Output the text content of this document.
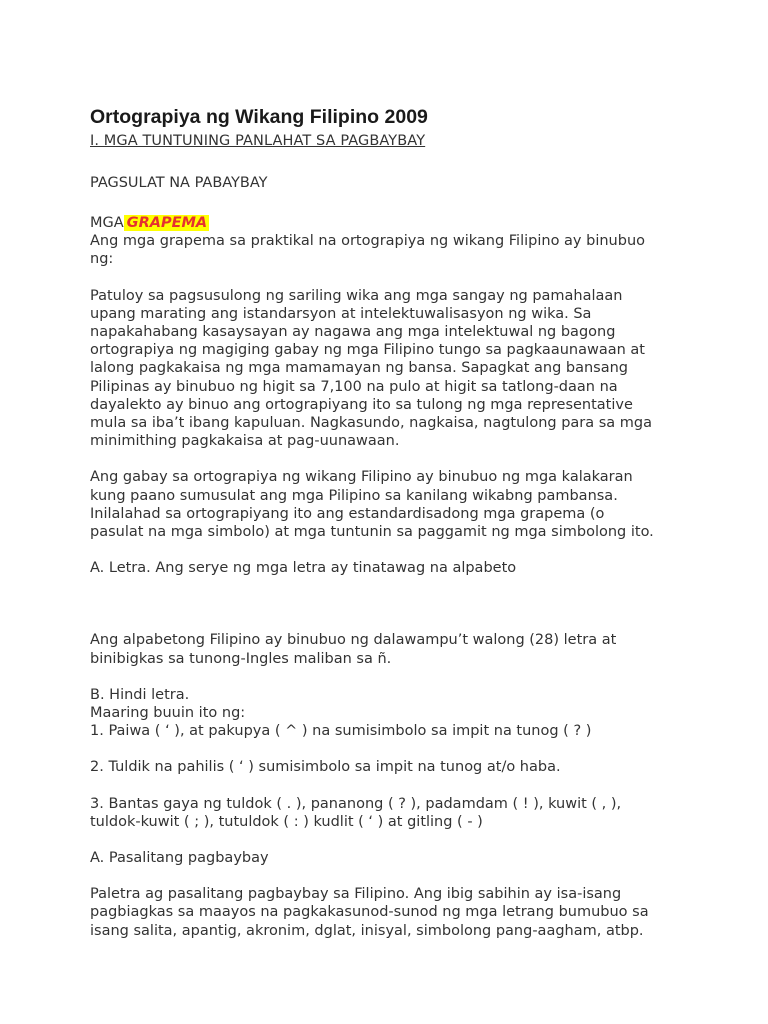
Ortograpiya ng Wikang Filipino 2009
I. MGA TUNTUNING PANLAHAT SA PAGBAYBAY
PAGSULAT NA PABAYBAY
MGA GRAPEMA
Ang mga grapema sa praktikal na ortograpiya ng wikang Filipino ay binubuo
ng:
Patuloy sa pagsusulong ng sariling wika ang mga sangay ng pamahalaan
upang marating ang istandarsyon at intelektuwalisasyon ng wika. Sa
napakahabang kasaysayan ay nagawa ang mga intelektuwal ng bagong
ortograpiya ng magiging gabay ng mga Filipino tungo sa pagkaaunawaan at
lalong pagkakaisa ng mga mamamayan ng bansa. Sapagkat ang bansang
Pilipinas ay binubuo ng higit sa 7,100 na pulo at higit sa tatlong-daan na
dayalekto ay binuo ang ortograpiyang ito sa tulong ng mga representative
mula sa iba’t ibang kapuluan. Nagkasundo, nagkaisa, nagtulong para sa mga
minimithing pagkakaisa at pag-uunawaan.
Ang gabay sa ortograpiya ng wikang Filipino ay binubuo ng mga kalakaran
kung paano sumusulat ang mga Pilipino sa kanilang wikabng pambansa.
Inilalahad sa ortograpiyang ito ang estandardisadong mga grapema (o
pasulat na mga simbolo) at mga tuntunin sa paggamit ng mga simbolong ito.
A. Letra. Ang serye ng mga letra ay tinatawag na alpabeto
Ang alpabetong Filipino ay binubuo ng dalawampu’t walong (28) letra at
binibigkas sa tunong-Ingles maliban sa ñ.
B. Hindi letra.
Maaring buuin ito ng:
1. Paiwa ( ‘ ), at pakupya ( ^ ) na sumisimbolo sa impit na tunog ( ? )
2. Tuldik na pahilis ( ‘ ) sumisimbolo sa impit na tunog at/o haba.
3. Bantas gaya ng tuldok ( . ), pananong ( ? ), padamdam ( ! ), kuwit ( , ),
tuldok-kuwit ( ; ), tutuldok ( : ) kudlit ( ‘ ) at gitling ( - )
A. Pasalitang pagbaybay
Paletra ag pasalitang pagbaybay sa Filipino. Ang ibig sabihin ay isa-isang
pagbiagkas sa maayos na pagkakasunod-sunod ng mga letrang bumubuo sa
isang salita, apantig, akronim, dglat, inisyal, simbolong pang-aagham, atbp.
